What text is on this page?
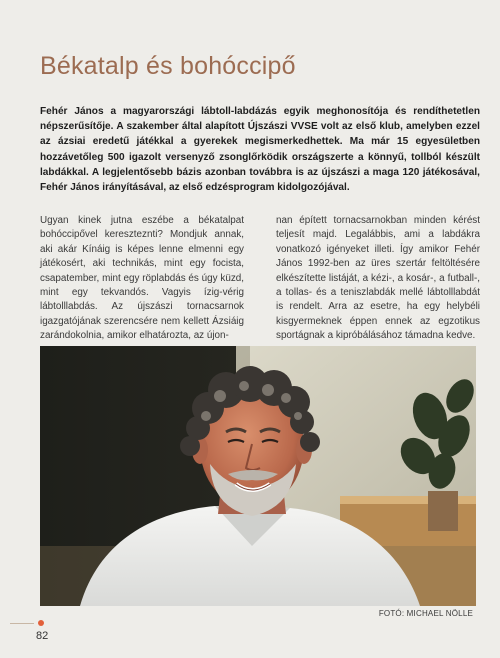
Békatalp és bohóccipő
Fehér János a magyarországi lábtoll-labdázás egyik meghonosítója és rendíthetetlen népszerűsítője. A szakember által alapított Újszászi VVSE volt az első klub, amelyben ezzel az ázsiai eredetű játékkal a gyerekek megismerkedhettek. Ma már 15 egyesületben hozzávetőleg 500 igazolt versenyző zsonglőrködik országszerte a könnyű, tollból készült labdákkal. A legjelentősebb bázis azonban továbbra is az újszászi a maga 120 játékosával, Fehér János irányításával, az első edzésprogram kidolgozójával.
Ugyan kinek jutna eszébe a békatalpat bohóccipővel kereszteznti? Mondjuk annak, aki akár Kínáig is képes lenne elmenni egy játékosért, aki technikás, mint egy focista, csapatember, mint egy röplabdás és úgy küzd, mint egy tekvandós. Vagyis ízig-vérig lábtolllabdás. Az újszászi tornacsarnok igazgatójának szerencsére nem kellett Ázsiáig zarándokolnia, amikor elhatározta, az újon-
nan épített tornacsarnokban minden kérést teljesít majd. Legalábbis, ami a labdákra vonatkozó igényeket illeti. Így amikor Fehér János 1992-ben az üres szertár feltöltésére elkészítette listáját, a kézi-, a kosár-, a futball-, a tollas- és a teniszlabdák mellé lábtolllabdát is rendelt. Arra az esetre, ha egy helybéli kisgyermeknek éppen ennek az egzotikus sportágnak a kipróbálásához támadna kedve.
FOTÓ: MICHAEL NÖLLE
82
